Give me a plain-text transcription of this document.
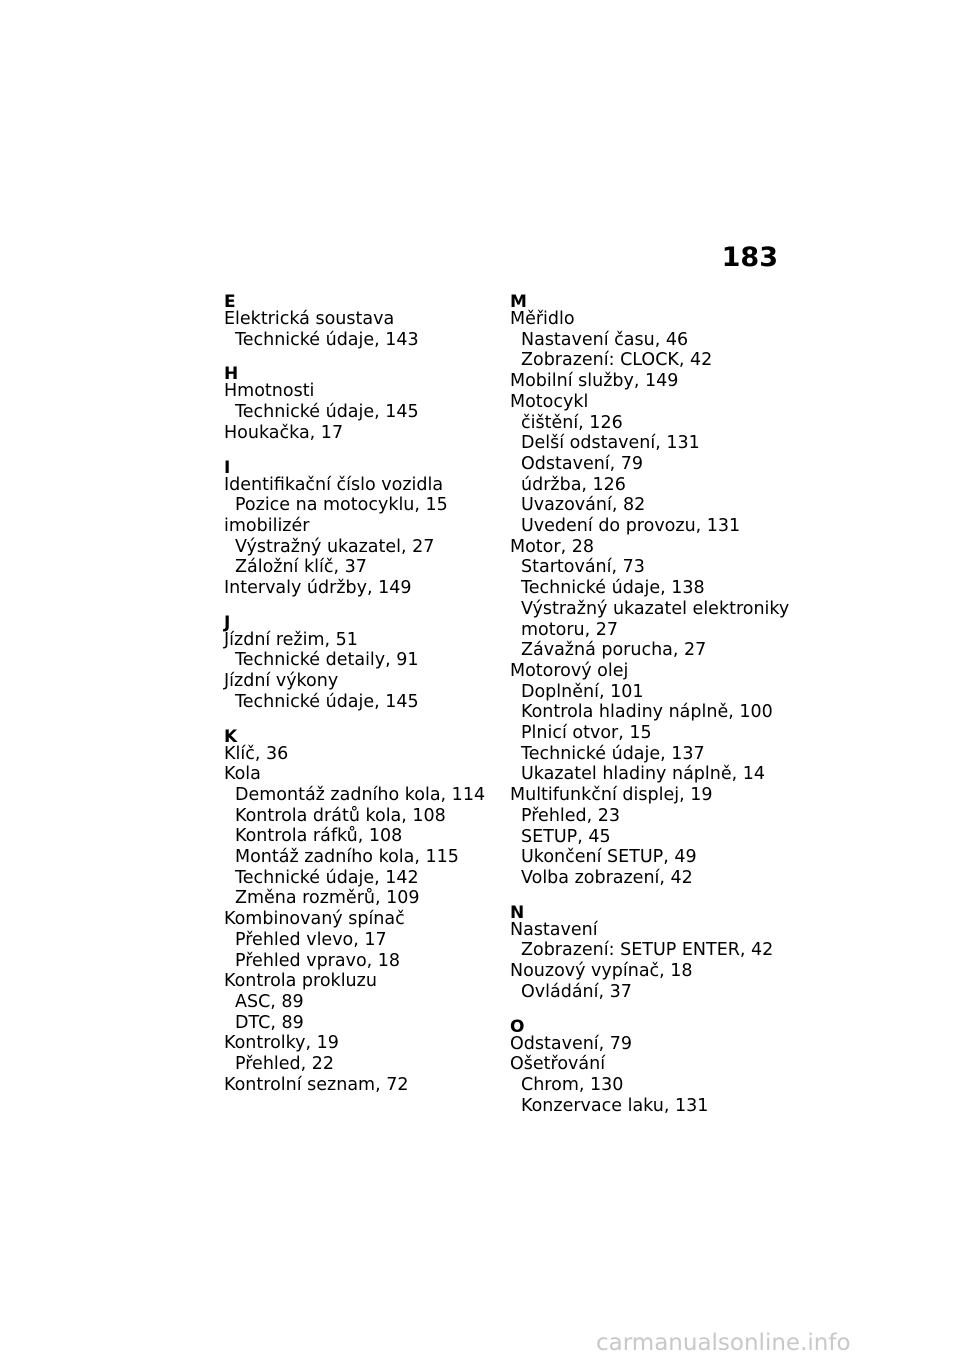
183
E
Elektrická soustava
Technické údaje, 143
H
Hmotnosti
Technické údaje, 145
Houkačka, 17
I
Identifikační číslo vozidla
Pozice na motocyklu, 15
imobilizér
Výstražný ukazatel, 27
Záložní klíč, 37
Intervaly údržby, 149
J
Jízdní režim, 51
Technické detaily, 91
Jízdní výkony
Technické údaje, 145
K
Klíč, 36
Kola
Demontáž zadního kola, 114
Kontrola drátů kola, 108
Kontrola ráfků, 108
Montáž zadního kola, 115
Technické údaje, 142
Změna rozměrů, 109
Kombinovaný spínač
Přehled vlevo, 17
Přehled vpravo, 18
Kontrola prokluzu
ASC, 89
DTC, 89
Kontrolky, 19
Přehled, 22
Kontrolní seznam, 72
M
Měřidlo
Nastavení času, 46
Zobrazení: CLOCK, 42
Mobilní služby, 149
Motocykl
čištění, 126
Delší odstavení, 131
Odstavení, 79
údržba, 126
Uvazování, 82
Uvedení do provozu, 131
Motor, 28
Startování, 73
Technické údaje, 138
Výstražný ukazatel elektroniky
motoru, 27
Závažná porucha, 27
Motorový olej
Doplnění, 101
Kontrola hladiny náplně, 100
Plnicí otvor, 15
Technické údaje, 137
Ukazatel hladiny náplně, 14
Multifunkční displej, 19
Přehled, 23
SETUP, 45
Ukončení SETUP, 49
Volba zobrazení, 42
N
Nastavení
Zobrazení: SETUP ENTER, 42
Nouzový vypínač, 18
Ovládání, 37
O
Odstavení, 79
Ošetřování
Chrom, 130
Konzervace laku, 131
carmanualsonline.info
